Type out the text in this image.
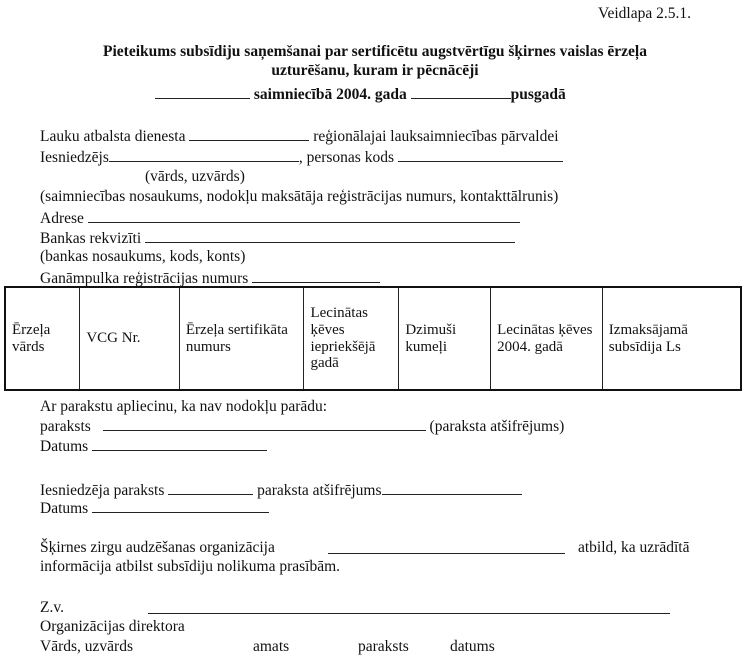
Veidlapa 2.5.1.
Pieteikums subsīdiju saņemšanai par sertificētu augstvērtīgu šķirnes vaislas ērzeļa
uzturēšanu, kuram ir pēcnācēji
saimniecībā 2004. gada	pusgadā
Lauku atbalsta dienesta	reģionālajai lauksaimniecības pārvaldei
Iesniedzējs	, personas kods
(vārds, uzvārds)
(saimniecības nosaukums, nodokļu maksātāja reģistrācijas numurs, kontakttālrunis)
Adrese
Bankas rekvizīti
(bankas nosaukums, kods, konts)
Ganāmpulka reģistrācijas numurs
Ērzeļa vārds	VCG Nr.	Ērzeļa sertifikāta numurs	Lecinātas ķēves iepriekšējā gadā	Dzimuši kumeļi	Lecinātas ķēves 2004. gadā	Izmaksājamā subsīdija Ls
Ar parakstu apliecinu, ka nav nodokļu parādu:
paraksts	(paraksta atšifrējums)
Datums
Iesniedzēja paraksts	paraksta atšifrējums
Datums
Šķirnes zirgu audzēšanas organizācija	atbild, ka uzrādītā
informācija atbilst subsīdiju nolikuma prasībām.
Z.v.
Organizācijas direktora
Vārds, uzvārds	amats	paraksts	datums
